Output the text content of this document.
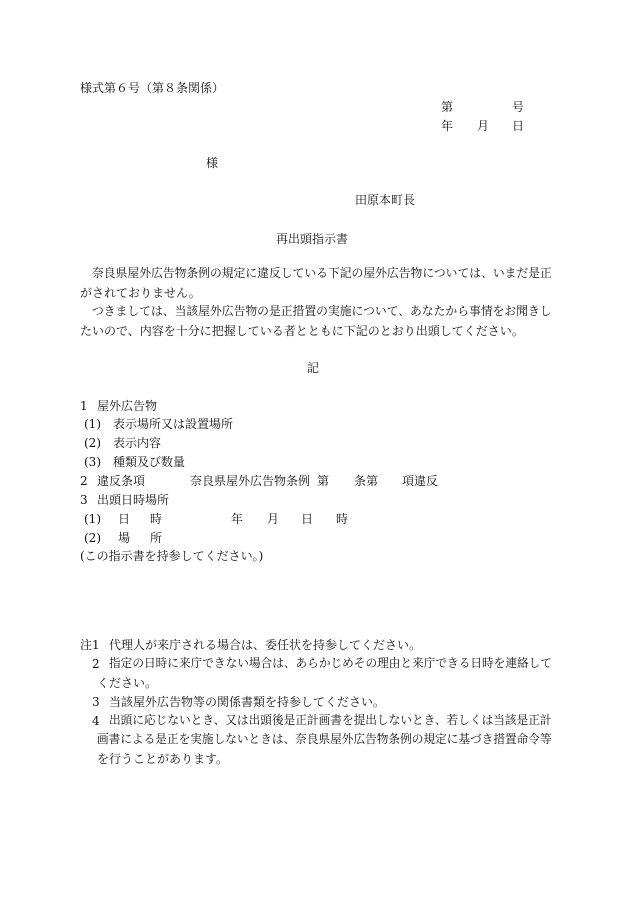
様式第６号（第８条関係）
第	号
年 月 日
様
田原本町長
再出頭指示書
奈良県屋外広告物条例の規定に違反している下記の屋外広告物については、いまだ是正
がされておりません。
つきましては、当該屋外広告物の是正措置の実施について、あなたから事情をお聞きし
たいので、内容を十分に把握している者とともに下記のとおり出頭してください。
記
1 屋外広告物
(1) 表示場所又は設置場所
(2) 表示内容
(3) 種類及び数量
2 違反条項	奈良県屋外広告物条例 第 条第 項違反
3 出頭日時場所
(1) 日 時	年 月 日 時
(2) 場 所
(この指示書を持参してください。)
注1 代理人が来庁される場合は、委任状を持参してください。
2 指定の日時に来庁できない場合は、あらかじめその理由と来庁できる日時を連絡して
ください。
3 当該屋外広告物等の関係書類を持参してください。
4 出頭に応じないとき、又は出頭後是正計画書を提出しないとき、若しくは当該是正計
画書による是正を実施しないときは、奈良県屋外広告物条例の規定に基づき措置命令等
を行うことがあります。
